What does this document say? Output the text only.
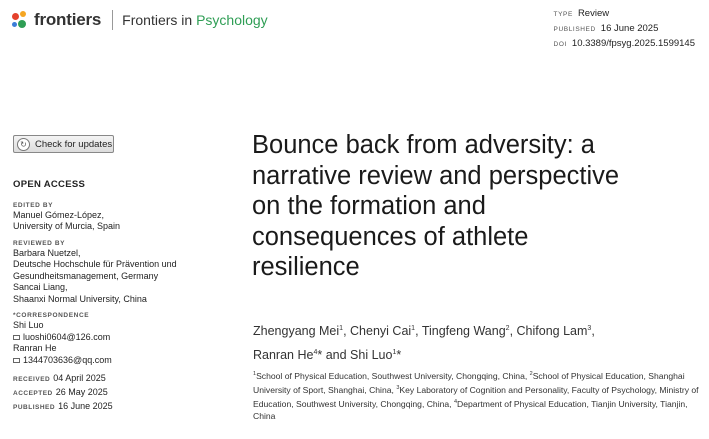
frontiers Frontiers in Psychology	TYPE Review
PUBLISHED 16 June 2025
DOI 10.3389/fpsyg.2025.1599145
↻ Check for updates
OPEN ACCESS
EDITED BY
Manuel Gómez-López,
University of Murcia, Spain
REVIEWED BY
Barbara Nuetzel,
Deutsche Hochschule für Prävention und
Gesundheitsmanagement, Germany
Sancai Liang,
Shaanxi Normal University, China
*CORRESPONDENCE
Shi Luo
luoshi0604@126.com
Ranran He
1344703636@qq.com
RECEIVED 04 April 2025
ACCEPTED 26 May 2025
PUBLISHED 16 June 2025
Bounce back from adversity: a
narrative review and perspective
on the formation and
consequences of athlete
resilience
Zhengyang Mei$^1$, Chenyi Cai$^1$, Tingfeng Wang$^2$, Chifong Lam$^3$,
Ranran He$^4$* and Shi Luo$^1$*
$^1$School of Physical Education, Southwest University, Chongqing, China, $^2$School of Physical Education, Shanghai University of Sport, Shanghai, China, $^3$Key Laboratory of Cognition and Personality, Faculty of Psychology, Ministry of Education, Southwest University, Chongqing, China, $^4$Department of Physical Education, Tianjin University, Tianjin, China
